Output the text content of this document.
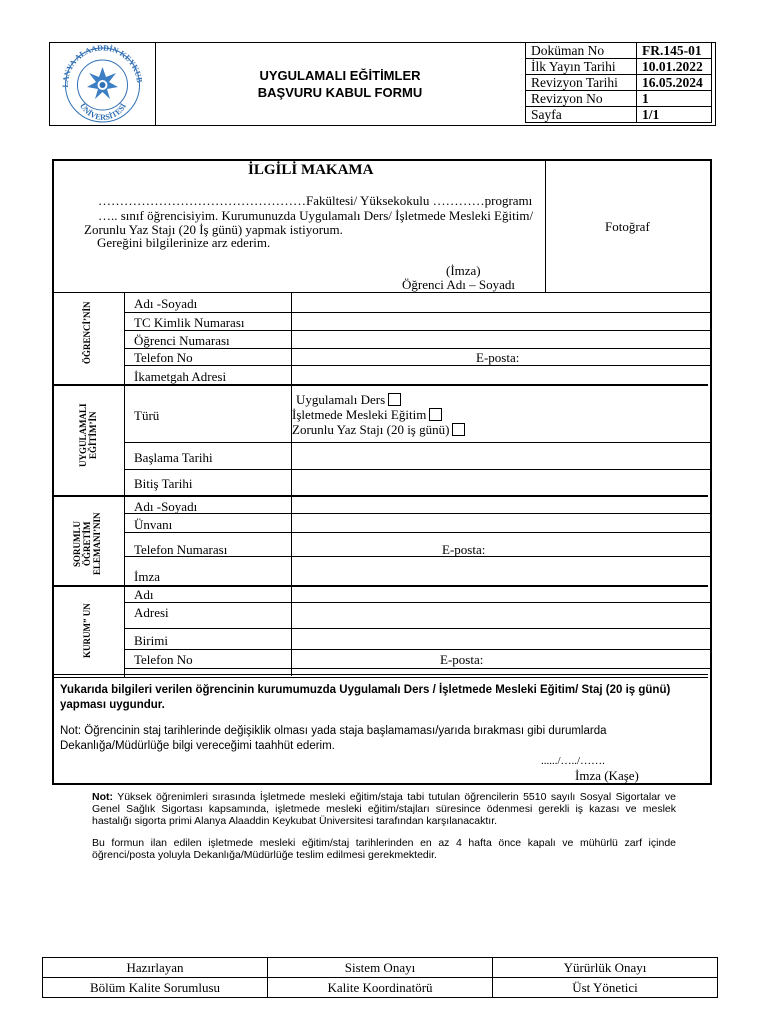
LANYA ALAADDİN KEYKUB
ÜNİVERSİTESİ
UYGULAMALI EĞİTİMLER
BAŞVURU KABUL FORMU
Doküman No	FR.145-01
İlk Yayın Tarihi	10.01.2022
Revizyon Tarihi	16.05.2024
Revizyon No	1
Sayfa	1/1
İLGİLİ MAKAMA
…………………………………………Fakültesi/ Yüksekokulu …………programı
….. sınıf öğrencisiyim. Kurumunuzda Uygulamalı Ders/ İşletmede Mesleki Eğitim/
Zorunlu Yaz Stajı (20 İş günü) yapmak istiyorum.
Gereğini bilgilerinize arz ederim.
(İmza)
Öğrenci Adı – Soyadı
Fotoğraf
ÖĞRENCİ’NİN	Adı -Soyadı
TC Kimlik Numarası
Öğrenci Numarası
Telefon No	E-posta:
İkametgah Adresi
UYGULAMALI
EĞİTİM’İN	Türü
Uygulamalı Ders
İşletmede Mesleki Eğitim
Zorunlu Yaz Stajı (20 iş günü)
Başlama Tarihi
Bitiş Tarihi
SORUMLU
ÖĞRETİM
ELEMANI’NIN
Adı -Soyadı
Ünvanı
Telefon Numarası	E-posta:
İmza
KURUM” UN
Adı
Adresi
Birimi
Telefon No	E-posta:
Yukarıda bilgileri verilen öğrencinin kurumumuzda Uygulamalı Ders / İşletmede Mesleki Eğitim/ Staj (20 iş günü)
yapması uygundur.
Not: Öğrencinin staj tarihlerinde değişiklik olması yada staja başlamaması/yarıda bırakması gibi durumlarda
Dekanlığa/Müdürlüğe bilgi vereceğimi taahhüt ederim.
....../…../…….
İmza (Kaşe)
Not: Yüksek öğrenimleri sırasında İşletmede mesleki eğitim/staja tabi tutulan öğrencilerin 5510 sayılı Sosyal Sigortalar ve Genel Sağlık Sigortası kapsamında, işletmede mesleki eğitim/stajları süresince ödenmesi gerekli iş kazası ve meslek hastalığı sigorta primi Alanya Alaaddin Keykubat Üniversitesi tarafından karşılanacaktır.
Bu formun ilan edilen işletmede mesleki eğitim/staj tarihlerinden en az 4 hafta önce kapalı ve mühürlü zarf içinde öğrenci/posta yoluyla Dekanlığa/Müdürlüğe teslim edilmesi gerekmektedir.
Hazırlayan	Sistem Onayı	Yürürlük Onayı
Bölüm Kalite Sorumlusu	Kalite Koordinatörü	Üst Yönetici
